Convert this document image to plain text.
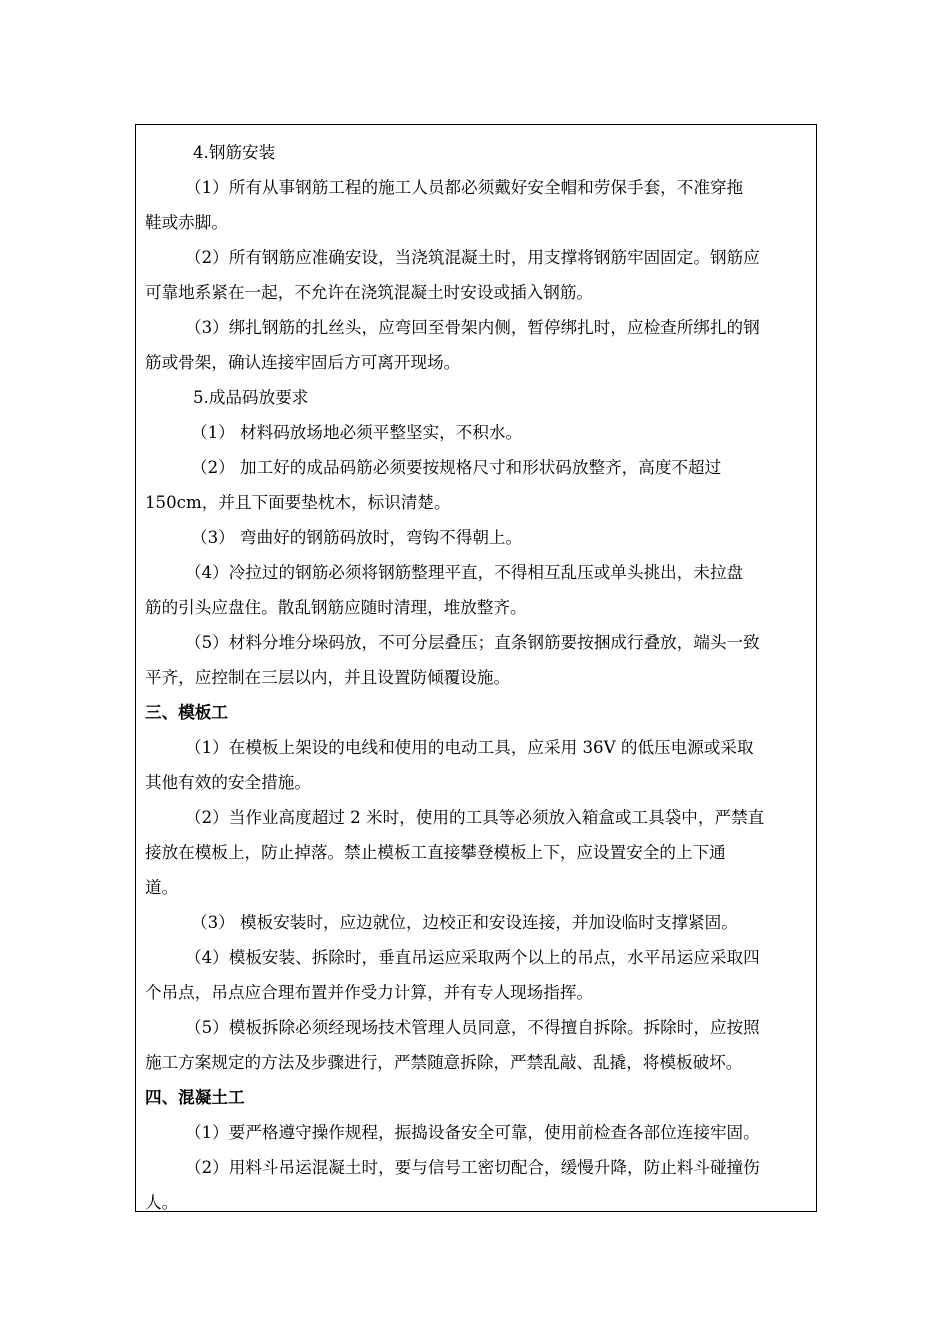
4.钢筋安装
（1）所有从事钢筋工程的施工人员都必须戴好安全帽和劳保手套，不准穿拖
鞋或赤脚。
（2）所有钢筋应准确安设，当浇筑混凝土时，用支撑将钢筋牢固固定。钢筋应
可靠地系紧在一起，不允许在浇筑混凝土时安设或插入钢筋。
（3）绑扎钢筋的扎丝头，应弯回至骨架内侧，暂停绑扎时，应检查所绑扎的钢
筋或骨架，确认连接牢固后方可离开现场。
5.成品码放要求
（1） 材料码放场地必须平整坚实，不积水。
（2） 加工好的成品码筋必须要按规格尺寸和形状码放整齐，高度不超过
150cm，并且下面要垫枕木，标识清楚。
（3） 弯曲好的钢筋码放时，弯钩不得朝上。
（4）冷拉过的钢筋必须将钢筋整理平直，不得相互乱压或单头挑出，未拉盘
筋的引头应盘住。散乱钢筋应随时清理，堆放整齐。
（5）材料分堆分垛码放，不可分层叠压；直条钢筋要按捆成行叠放，端头一致
平齐，应控制在三层以内，并且设置防倾覆设施。
三、模板工
（1）在模板上架设的电线和使用的电动工具，应采用 36V 的低压电源或采取
其他有效的安全措施。
（2）当作业高度超过 2 米时，使用的工具等必须放入箱盒或工具袋中，严禁直
接放在模板上，防止掉落。禁止模板工直接攀登模板上下，应设置安全的上下通
道。
（3） 模板安装时，应边就位，边校正和安设连接，并加设临时支撑紧固。
（4）模板安装、拆除时，垂直吊运应采取两个以上的吊点，水平吊运应采取四
个吊点，吊点应合理布置并作受力计算，并有专人现场指挥。
（5）模板拆除必须经现场技术管理人员同意，不得擅自拆除。拆除时，应按照
施工方案规定的方法及步骤进行，严禁随意拆除，严禁乱敲、乱撬，将模板破坏。
四、混凝土工
（1）要严格遵守操作规程，振捣设备安全可靠，使用前检查各部位连接牢固。
（2）用料斗吊运混凝土时，要与信号工密切配合，缓慢升降，防止料斗碰撞伤
人。
